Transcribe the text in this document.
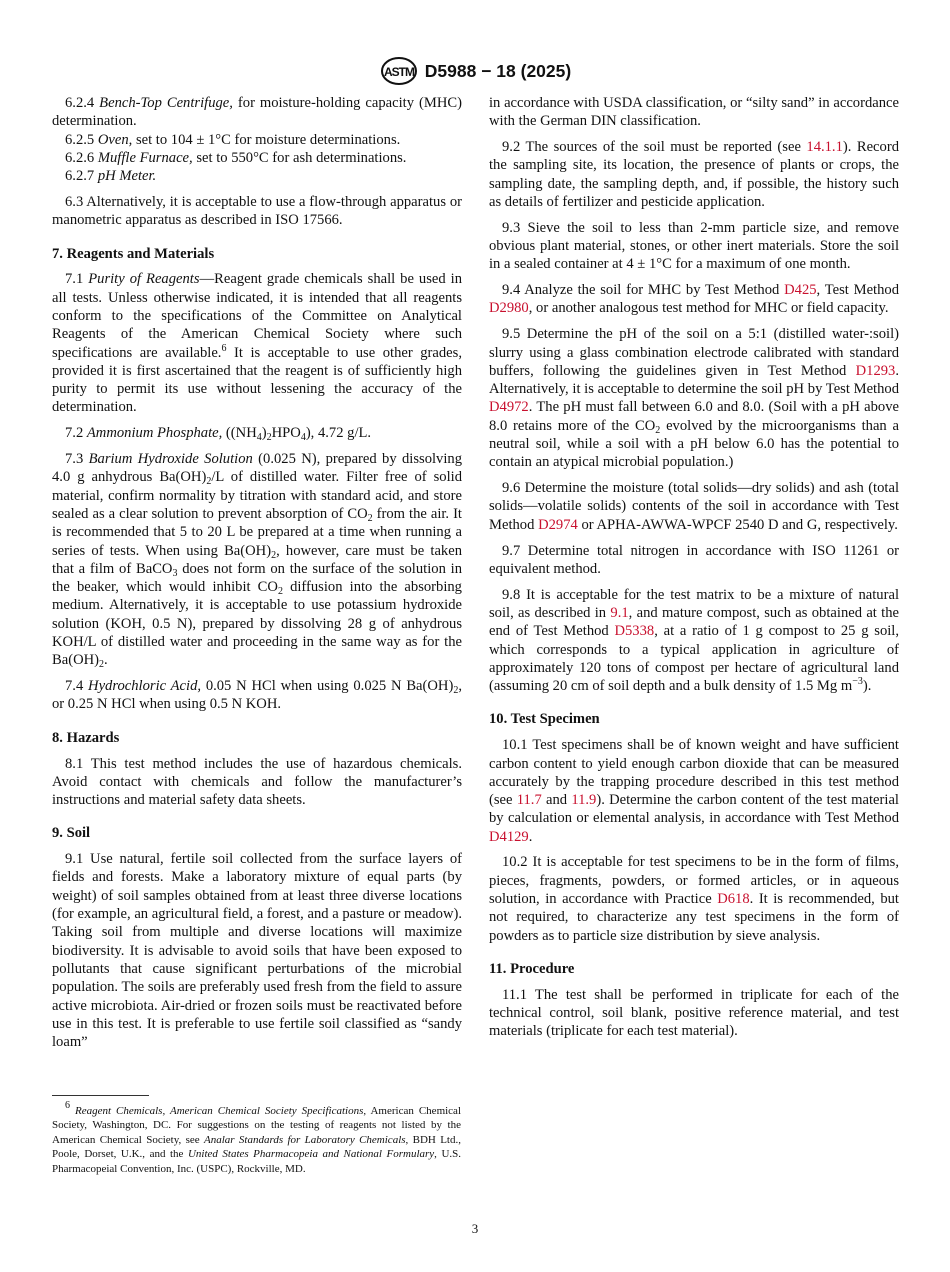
ASTM D5988 − 18 (2025)
6.2.4 Bench-Top Centrifuge, for moisture-holding capacity (MHC) determination.
6.2.5 Oven, set to 104 ± 1°C for moisture determinations.
6.2.6 Muffle Furnace, set to 550°C for ash determinations.
6.2.7 pH Meter.
6.3 Alternatively, it is acceptable to use a flow-through apparatus or manometric apparatus as described in ISO 17566.
7. Reagents and Materials
7.1 Purity of Reagents—Reagent grade chemicals shall be used in all tests. Unless otherwise indicated, it is intended that all reagents conform to the specifications of the Committee on Analytical Reagents of the American Chemical Society where such specifications are available.$^6$ It is acceptable to use other grades, provided it is first ascertained that the reagent is of sufficiently high purity to permit its use without lessening the accuracy of the determination.
7.2 Ammonium Phosphate, $((NH_4)_2HPO_4)$, 4.72 g/L.
7.3 Barium Hydroxide Solution (0.025 N), prepared by dissolving 4.0 g anhydrous $Ba(OH)_2/L$ of distilled water. Filter free of solid material, confirm normality by titration with standard acid, and store sealed as a clear solution to prevent absorption of $CO_2$ from the air. It is recommended that 5 to 20 L be prepared at a time when running a series of tests. When using $Ba(OH)_2$, however, care must be taken that a film of BaCO$_3$ does not form on the surface of the solution in the beaker, which would inhibit $CO_2$ diffusion into the absorbing medium. Alternatively, it is acceptable to use potassium hydroxide solution (KOH, 0.5 N), prepared by dissolving 28 g of anhydrous KOH/L of distilled water and proceeding in the same way as for the $Ba(OH)_2$.
7.4 Hydrochloric Acid, 0.05 N HCl when using 0.025 N $Ba(OH)_2$, or 0.25 N HCl when using 0.5 N KOH.
8. Hazards
8.1 This test method includes the use of hazardous chemicals. Avoid contact with chemicals and follow the manufacturer’s instructions and material safety data sheets.
9. Soil
9.1 Use natural, fertile soil collected from the surface layers of fields and forests. Make a laboratory mixture of equal parts (by weight) of soil samples obtained from at least three diverse locations (for example, an agricultural field, a forest, and a pasture or meadow). Taking soil from multiple and diverse locations will maximize biodiversity. It is advisable to avoid soils that have been exposed to pollutants that cause significant perturbations of the microbial population. The soils are preferably used fresh from the field to assure active microbiota. Air-dried or frozen soils must be reactivated before use in this test. It is preferable to use fertile soil classified as “sandy loam”
in accordance with USDA classification, or “silty sand” in accordance with the German DIN classification.
9.2 The sources of the soil must be reported (see 14.1.1). Record the sampling site, its location, the presence of plants or crops, the sampling date, the sampling depth, and, if possible, the history such as details of fertilizer and pesticide application.
9.3 Sieve the soil to less than 2-mm particle size, and remove obvious plant material, stones, or other inert materials. Store the soil in a sealed container at 4 ± 1°C for a maximum of one month.
9.4 Analyze the soil for MHC by Test Method D425, Test Method D2980, or another analogous test method for MHC or field capacity.
9.5 Determine the pH of the soil on a 5:1 (distilled water-:soil) slurry using a glass combination electrode calibrated with standard buffers, following the guidelines given in Test Method D1293. Alternatively, it is acceptable to determine the soil pH by Test Method D4972. The pH must fall between 6.0 and 8.0. (Soil with a pH above 8.0 retains more of the $CO_2$ evolved by the microorganisms than a neutral soil, while a soil with a pH below 6.0 has the potential to contain an atypical microbial population.)
9.6 Determine the moisture (total solids—dry solids) and ash (total solids—volatile solids) contents of the soil in accordance with Test Method D2974 or APHA-AWWA-WPCF 2540 D and G, respectively.
9.7 Determine total nitrogen in accordance with ISO 11261 or equivalent method.
9.8 It is acceptable for the test matrix to be a mixture of natural soil, as described in 9.1, and mature compost, such as obtained at the end of Test Method D5338, at a ratio of 1 g compost to 25 g soil, which corresponds to a typical application in agriculture of approximately 120 tons of compost per hectare of agricultural land (assuming 20 cm of soil depth and a bulk density of 1.5 Mg $m^{-3}$).
10. Test Specimen
10.1 Test specimens shall be of known weight and have sufficient carbon content to yield enough carbon dioxide that can be measured accurately by the trapping procedure described in this test method (see 11.7 and 11.9). Determine the carbon content of the test material by calculation or elemental analysis, in accordance with Test Method D4129.
10.2 It is acceptable for test specimens to be in the form of films, pieces, fragments, powders, or formed articles, or in aqueous solution, in accordance with Practice D618. It is recommended, but not required, to characterize any test specimens in the form of powders as to particle size distribution by sieve analysis.
11. Procedure
11.1 The test shall be performed in triplicate for each of the technical control, soil blank, positive reference material, and test materials (triplicate for each test material).
$^6$ Reagent Chemicals, American Chemical Society Specifications, American Chemical Society, Washington, DC. For suggestions on the testing of reagents not listed by the American Chemical Society, see Analar Standards for Laboratory Chemicals, BDH Ltd., Poole, Dorset, U.K., and the United States Pharmacopeia and National Formulary, U.S. Pharmacopeial Convention, Inc. (USPC), Rockville, MD.
3
